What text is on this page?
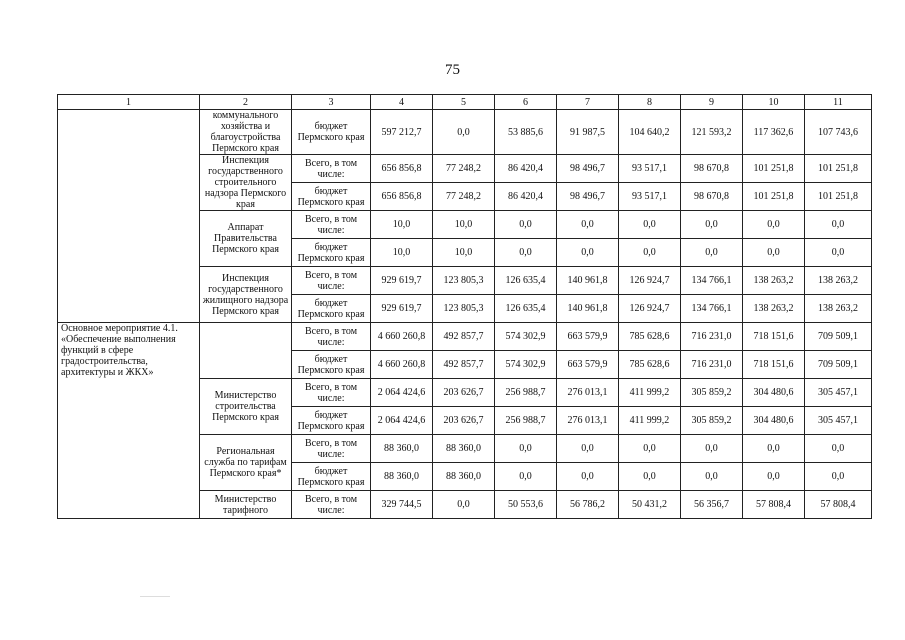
75
1	2	3	4	5	6	7	8	9	10	11
	коммунального хозяйства и благоустройства Пермского края	бюджет Пермского края	597 212,7	0,0	53 885,6	91 987,5	104 640,2	121 593,2	117 362,6	107 743,6
	Инспекция государственного строительного надзора Пермского края	Всего, в том числе:	656 856,8	77 248,2	86 420,4	98 496,7	93 517,1	98 670,8	101 251,8	101 251,8
		бюджет Пермского края	656 856,8	77 248,2	86 420,4	98 496,7	93 517,1	98 670,8	101 251,8	101 251,8
	Аппарат Правительства Пермского края	Всего, в том числе:	10,0	10,0	0,0	0,0	0,0	0,0	0,0	0,0
		бюджет Пермского края	10,0	10,0	0,0	0,0	0,0	0,0	0,0	0,0
	Инспекция государственного жилищного надзора Пермского края	Всего, в том числе:	929 619,7	123 805,3	126 635,4	140 961,8	126 924,7	134 766,1	138 263,2	138 263,2
		бюджет Пермского края	929 619,7	123 805,3	126 635,4	140 961,8	126 924,7	134 766,1	138 263,2	138 263,2
Основное мероприятие 4.1. «Обеспечение выполнения функций в сфере градостроительства, архитектуры и ЖКХ»		Всего, в том числе:	4 660 260,8	492 857,7	574 302,9	663 579,9	785 628,6	716 231,0	718 151,6	709 509,1
		бюджет Пермского края	4 660 260,8	492 857,7	574 302,9	663 579,9	785 628,6	716 231,0	718 151,6	709 509,1
	Министерство строительства Пермского края	Всего, в том числе:	2 064 424,6	203 626,7	256 988,7	276 013,1	411 999,2	305 859,2	304 480,6	305 457,1
		бюджет Пермского края	2 064 424,6	203 626,7	256 988,7	276 013,1	411 999,2	305 859,2	304 480,6	305 457,1
	Региональная служба по тарифам Пермского края*	Всего, в том числе:	88 360,0	88 360,0	0,0	0,0	0,0	0,0	0,0	0,0
		бюджет Пермского края	88 360,0	88 360,0	0,0	0,0	0,0	0,0	0,0	0,0
	Министерство тарифного	Всего, в том числе:	329 744,5	0,0	50 553,6	56 786,2	50 431,2	56 356,7	57 808,4	57 808,4
